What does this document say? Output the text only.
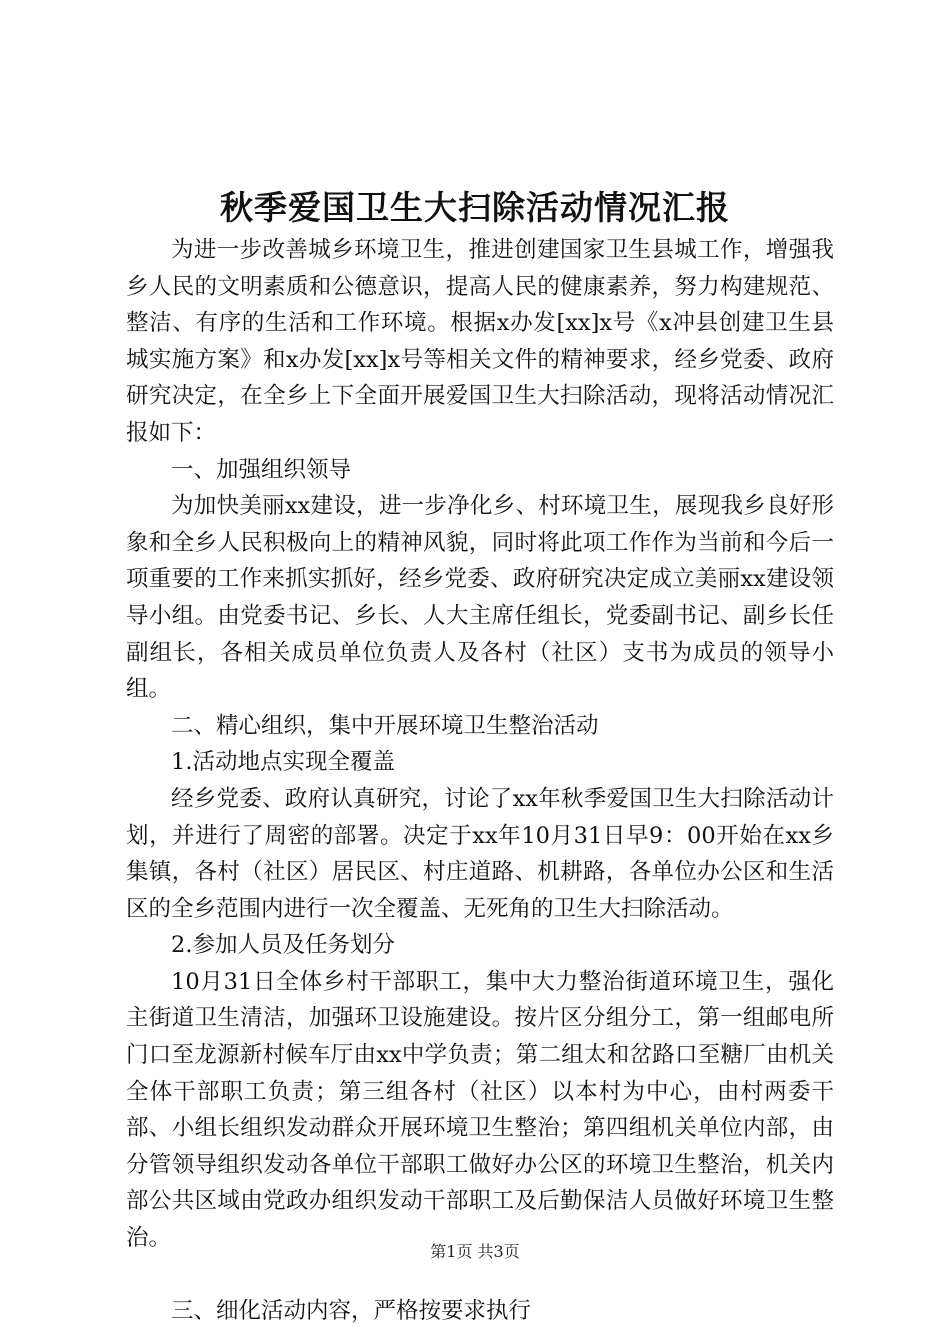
秋季爱国卫生大扫除活动情况汇报

为进一步改善城乡环境卫生，推进创建国家卫生县城工作，增强我乡人民的文明素质和公德意识，提高人民的健康素养，努力构建规范、整洁、有序的生活和工作环境。根据x办发[xx]x号《x冲县创建卫生县城实施方案》和x办发[xx]x号等相关文件的精神要求，经乡党委、政府研究决定，在全乡上下全面开展爱国卫生大扫除活动，现将活动情况汇报如下：

一、加强组织领导

为加快美丽xx建设，进一步净化乡、村环境卫生，展现我乡良好形象和全乡人民积极向上的精神风貌，同时将此项工作作为当前和今后一项重要的工作来抓实抓好，经乡党委、政府研究决定成立美丽xx建设领导小组。由党委书记、乡长、人大主席任组长，党委副书记、副乡长任副组长，各相关成员单位负责人及各村（社区）支书为成员的领导小组。

二、精心组织，集中开展环境卫生整治活动

1.活动地点实现全覆盖

经乡党委、政府认真研究，讨论了xx年秋季爱国卫生大扫除活动计划，并进行了周密的部署。决定于xx年10月31日早9：00开始在xx乡集镇，各村（社区）居民区、村庄道路、机耕路，各单位办公区和生活区的全乡范围内进行一次全覆盖、无死角的卫生大扫除活动。

2.参加人员及任务划分

10月31日全体乡村干部职工，集中大力整治街道环境卫生，强化主街道卫生清洁，加强环卫设施建设。按片区分组分工，第一组邮电所门口至龙源新村候车厅由xx中学负责；第二组太和岔路口至糖厂由机关全体干部职工负责；第三组各村（社区）以本村为中心，由村两委干部、小组长组织发动群众开展环境卫生整治；第四组机关单位内部，由分管领导组织发动各单位干部职工做好办公区的环境卫生整治，机关内部公共区域由党政办组织发动干部职工及后勤保洁人员做好环境卫生整治。

三、细化活动内容，严格按要求执行

第1页 共3页
